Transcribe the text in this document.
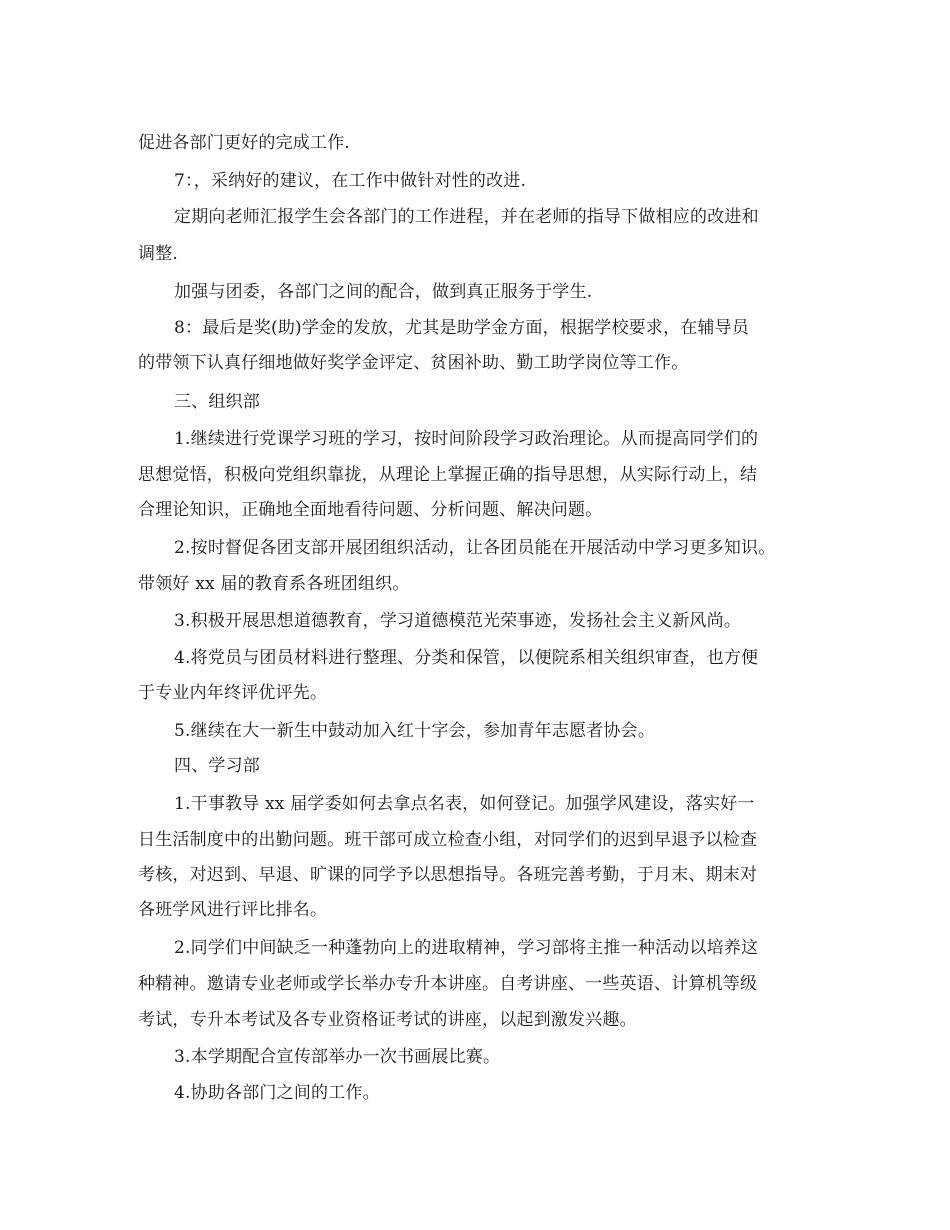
促进各部门更好的完成工作.
7：，采纳好的建议，在工作中做针对性的改进.
定期向老师汇报学生会各部门的工作进程，并在老师的指导下做相应的改进和
调整.
加强与团委，各部门之间的配合，做到真正服务于学生.
8：最后是奖(助)学金的发放，尤其是助学金方面，根据学校要求，在辅导员
的带领下认真仔细地做好奖学金评定、贫困补助、勤工助学岗位等工作。
三、组织部
1.继续进行党课学习班的学习，按时间阶段学习政治理论。从而提高同学们的
思想觉悟，积极向党组织靠拢，从理论上掌握正确的指导思想，从实际行动上，结
合理论知识，正确地全面地看待问题、分析问题、解决问题。
2.按时督促各团支部开展团组织活动，让各团员能在开展活动中学习更多知识。
带领好 xx 届的教育系各班团组织。
3.积极开展思想道德教育，学习道德模范光荣事迹，发扬社会主义新风尚。
4.将党员与团员材料进行整理、分类和保管，以便院系相关组织审查，也方便
于专业内年终评优评先。
5.继续在大一新生中鼓动加入红十字会，参加青年志愿者协会。
四、学习部
1.干事教导 xx 届学委如何去拿点名表，如何登记。加强学风建设，落实好一
日生活制度中的出勤问题。班干部可成立检查小组，对同学们的迟到早退予以检查
考核，对迟到、早退、旷课的同学予以思想指导。各班完善考勤，于月末、期末对
各班学风进行评比排名。
2.同学们中间缺乏一种蓬勃向上的进取精神，学习部将主推一种活动以培养这
种精神。邀请专业老师或学长举办专升本讲座。自考讲座、一些英语、计算机等级
考试，专升本考试及各专业资格证考试的讲座，以起到激发兴趣。
3.本学期配合宣传部举办一次书画展比赛。
4.协助各部门之间的工作。
